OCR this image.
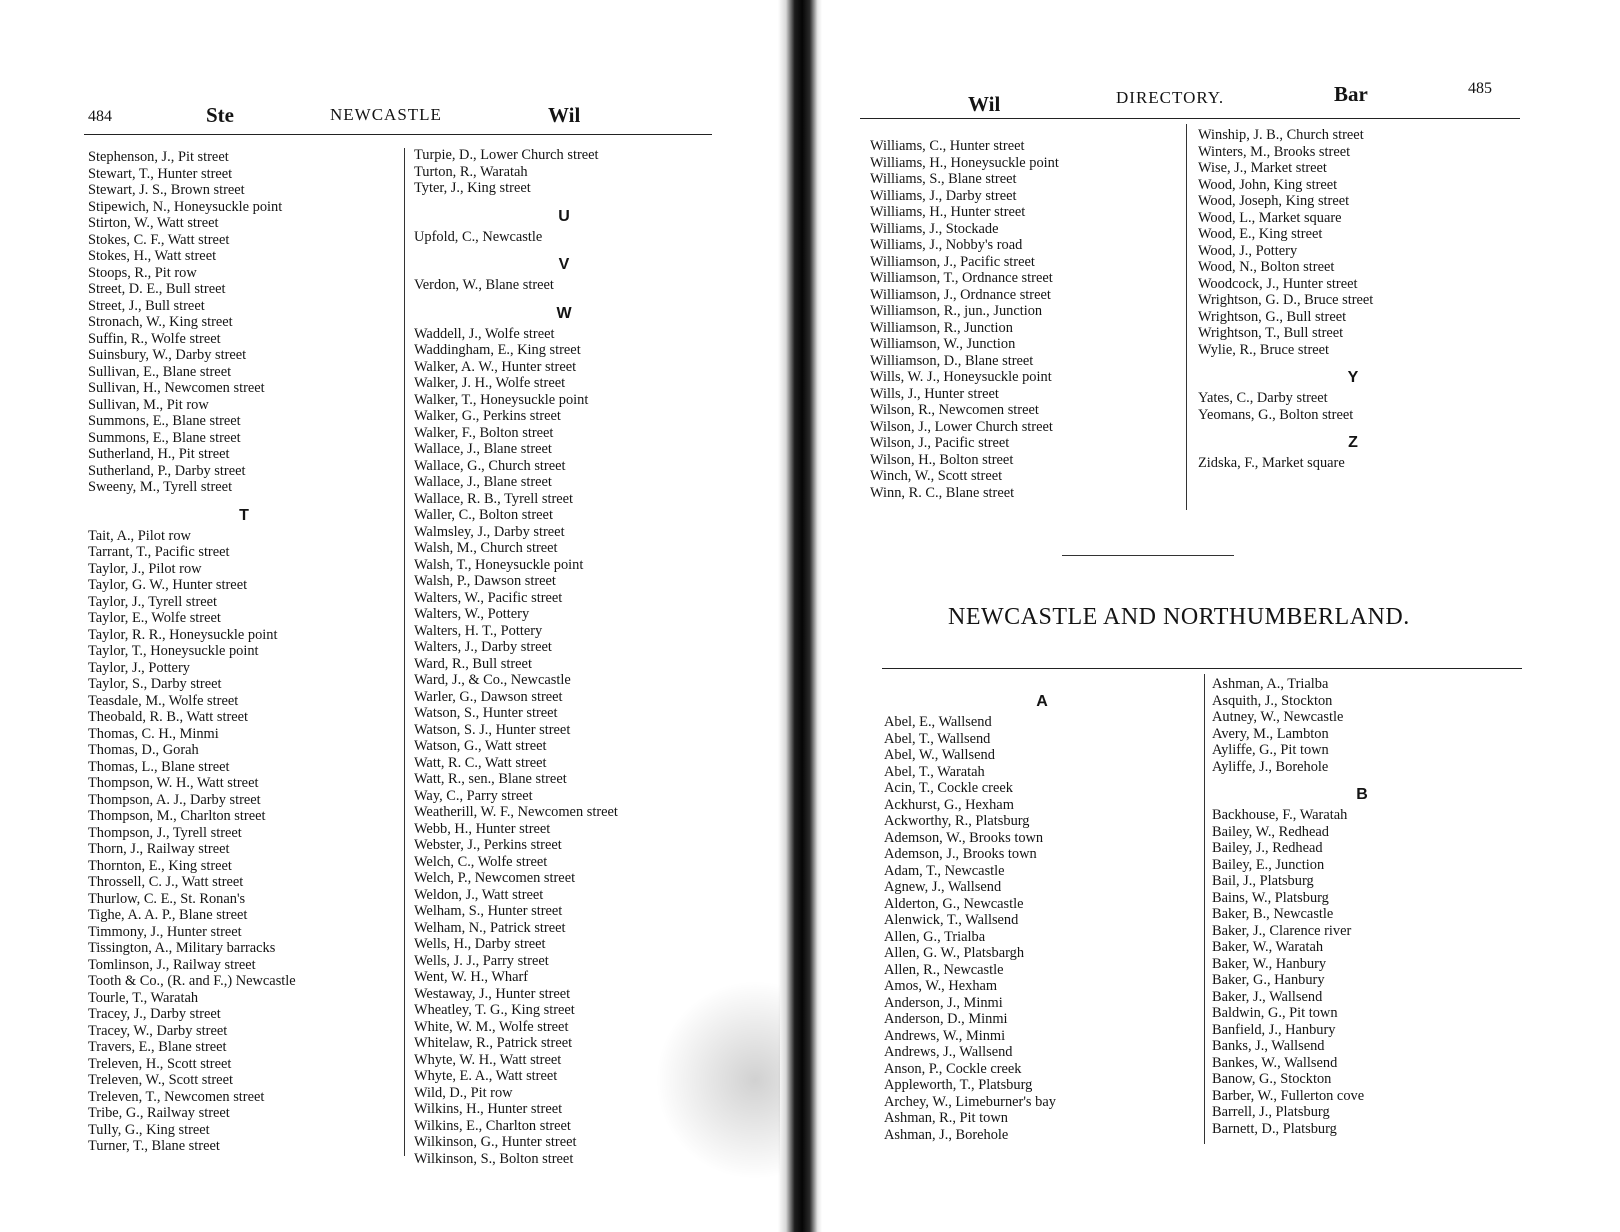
484	Ste	NEWCASTLE	Wil
Stephenson, J., Pit street
Stewart, T., Hunter street
Stewart, J. S., Brown street
Stipewich, N., Honeysuckle point
Stirton, W., Watt street
Stokes, C. F., Watt street
Stokes, H., Watt street
Stoops, R., Pit row
Street, D. E., Bull street
Street, J., Bull street
Stronach, W., King street
Suffin, R., Wolfe street
Suinsbury, W., Darby street
Sullivan, E., Blane street
Sullivan, H., Newcomen street
Sullivan, M., Pit row
Summons, E., Blane street
Summons, E., Blane street
Sutherland, H., Pit street
Sutherland, P., Darby street
Sweeny, M., Tyrell street
T
Tait, A., Pilot row
Tarrant, T., Pacific street
Taylor, J., Pilot row
Taylor, G. W., Hunter street
Taylor, J., Tyrell street
Taylor, E., Wolfe street
Taylor, R. R., Honeysuckle point
Taylor, T., Honeysuckle point
Taylor, J., Pottery
Taylor, S., Darby street
Teasdale, M., Wolfe street
Theobald, R. B., Watt street
Thomas, C. H., Minmi
Thomas, D., Gorah
Thomas, L., Blane street
Thompson, W. H., Watt street
Thompson, A. J., Darby street
Thompson, M., Charlton street
Thompson, J., Tyrell street
Thorn, J., Railway street
Thornton, E., King street
Throssell, C. J., Watt street
Thurlow, C. E., St. Ronan's
Tighe, A. A. P., Blane street
Timmony, J., Hunter street
Tissington, A., Military barracks
Tomlinson, J., Railway street
Tooth & Co., (R. and F.,) Newcastle
Tourle, T., Waratah
Tracey, J., Darby street
Tracey, W., Darby street
Travers, E., Blane street
Treleven, H., Scott street
Treleven, W., Scott street
Treleven, T., Newcomen street
Tribe, G., Railway street
Tully, G., King street
Turner, T., Blane street
Turpie, D., Lower Church street
Turton, R., Waratah
Tyter, J., King street
U
Upfold, C., Newcastle
V
Verdon, W., Blane street
W
Waddell, J., Wolfe street
Waddingham, E., King street
Walker, A. W., Hunter street
Walker, J. H., Wolfe street
Walker, T., Honeysuckle point
Walker, G., Perkins street
Walker, F., Bolton street
Wallace, J., Blane street
Wallace, G., Church street
Wallace, J., Blane street
Wallace, R. B., Tyrell street
Waller, C., Bolton street
Walmsley, J., Darby street
Walsh, M., Church street
Walsh, T., Honeysuckle point
Walsh, P., Dawson street
Walters, W., Pacific street
Walters, W., Pottery
Walters, H. T., Pottery
Walters, J., Darby street
Ward, R., Bull street
Ward, J., & Co., Newcastle
Warler, G., Dawson street
Watson, S., Hunter street
Watson, S. J., Hunter street
Watson, G., Watt street
Watt, R. C., Watt street
Watt, R., sen., Blane street
Way, C., Parry street
Weatherill, W. F., Newcomen street
Webb, H., Hunter street
Webster, J., Perkins street
Welch, C., Wolfe street
Welch, P., Newcomen street
Weldon, J., Watt street
Welham, S., Hunter street
Welham, N., Patrick street
Wells, H., Darby street
Wells, J. J., Parry street
Went, W. H., Wharf
Westaway, J., Hunter street
Wheatley, T. G., King street
White, W. M., Wolfe street
Whitelaw, R., Patrick street
Whyte, W. H., Watt street
Whyte, E. A., Watt street
Wild, D., Pit row
Wilkins, H., Hunter street
Wilkins, E., Charlton street
Wilkinson, G., Hunter street
Wilkinson, S., Bolton street
Wil	DIRECTORY.	Bar	485
Williams, C., Hunter street
Williams, H., Honeysuckle point
Williams, S., Blane street
Williams, J., Darby street
Williams, H., Hunter street
Williams, J., Stockade
Williams, J., Nobby's road
Williamson, J., Pacific street
Williamson, T., Ordnance street
Williamson, J., Ordnance street
Williamson, R., jun., Junction
Williamson, R., Junction
Williamson, W., Junction
Williamson, D., Blane street
Wills, W. J., Honeysuckle point
Wills, J., Hunter street
Wilson, R., Newcomen street
Wilson, J., Lower Church street
Wilson, J., Pacific street
Wilson, H., Bolton street
Winch, W., Scott street
Winn, R. C., Blane street
Winship, J. B., Church street
Winters, M., Brooks street
Wise, J., Market street
Wood, John, King street
Wood, Joseph, King street
Wood, L., Market square
Wood, E., King street
Wood, J., Pottery
Wood, N., Bolton street
Woodcock, J., Hunter street
Wrightson, G. D., Bruce street
Wrightson, G., Bull street
Wrightson, T., Bull street
Wylie, R., Bruce street
Y
Yates, C., Darby street
Yeomans, G., Bolton street
Z
Zidska, F., Market square
NEWCASTLE AND NORTHUMBERLAND.
A
Abel, E., Wallsend
Abel, T., Wallsend
Abel, W., Wallsend
Abel, T., Waratah
Acin, T., Cockle creek
Ackhurst, G., Hexham
Ackworthy, R., Platsburg
Ademson, W., Brooks town
Ademson, J., Brooks town
Adam, T., Newcastle
Agnew, J., Wallsend
Alderton, G., Newcastle
Alenwick, T., Wallsend
Allen, G., Trialba
Allen, G. W., Platsbargh
Allen, R., Newcastle
Amos, W., Hexham
Anderson, J., Minmi
Anderson, D., Minmi
Andrews, W., Minmi
Andrews, J., Wallsend
Anson, P., Cockle creek
Appleworth, T., Platsburg
Archey, W., Limeburner's bay
Ashman, R., Pit town
Ashman, J., Borehole
Ashman, A., Trialba
Asquith, J., Stockton
Autney, W., Newcastle
Avery, M., Lambton
Ayliffe, G., Pit town
Ayliffe, J., Borehole
B
Backhouse, F., Waratah
Bailey, W., Redhead
Bailey, J., Redhead
Bailey, E., Junction
Bail, J., Platsburg
Bains, W., Platsburg
Baker, B., Newcastle
Baker, J., Clarence river
Baker, W., Waratah
Baker, W., Hanbury
Baker, G., Hanbury
Baker, J., Wallsend
Baldwin, G., Pit town
Banfield, J., Hanbury
Banks, J., Wallsend
Bankes, W., Wallsend
Banow, G., Stockton
Barber, W., Fullerton cove
Barrell, J., Platsburg
Barnett, D., Platsburg
